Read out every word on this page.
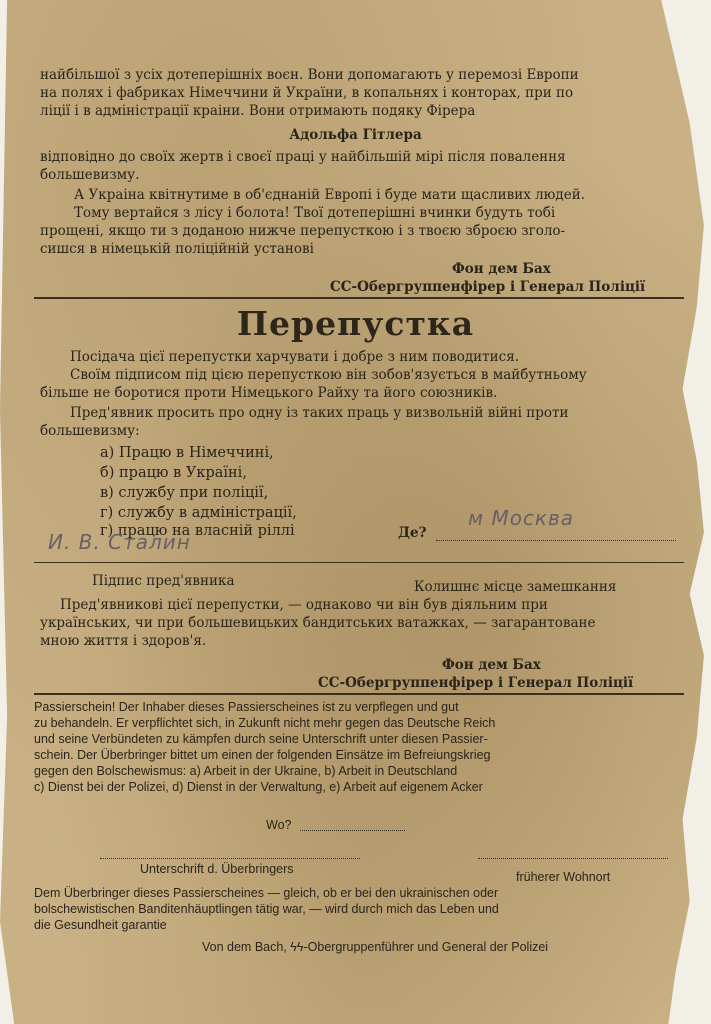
найбільшої з усіх дотеперішніх воєн. Вони допомагають у перемозі Европи
на полях і фабриках Німеччини й України, в копальнях і конторах, при по
ліції і в адміністрації краіни. Вони отримають подяку Фірера
Адольфа Гітлера
відповідно до своїх жертв і своєї праці у найбільшій мірі після повалення
большевизму.
А Украіна квітнутиме в об'єднаній Европі і буде мати щасливих людей.
Тому вертайся з лісу і болота! Твої дотеперішні вчинки будуть тобі
прощені, якщо ти з доданою нижче перепусткою і з твоєю зброєю зголо-
сишся в німецькій поліційній установі
Фон дем Бах
СС-Обергруппенфірер і Генерал Поліції
Перепустка
Посідача цієї перепустки харчувати і добре з ним поводитися.
Своїм підписом під цією перепусткою він зобов'язується в майбутньому
більше не боротися проти Німецького Райху та його союзників.
Пред'явник просить про одну із таких праць у визвольній війні проти
большевизму:
а) Працю в Німеччині,
б) працю в Україні,
в) службу при поліції,
г) службу в адміністрації,
г) працю на власній ріллі	Де?
м Москва
И. В. Сталин
Підпис пред'явника	Колишнє місце замешкання
Пред'явникові цієї перепустки, — однаково чи він був діяльним при
українських, чи при большевицьких бандитських ватажках, — загарантоване
мною життя і здоров'я.
Фон дем Бах
СС-Обергруппенфірер і Генерал Поліції
Passierschein! Der Inhaber dieses Passierscheines ist zu verpflegen und gut
zu behandeln. Er verpflichtet sich, in Zukunft nicht mehr gegen das Deutsche Reich
und seine Verbündeten zu kämpfen durch seine Unterschrift unter diesen Passier-
schein. Der Überbringer bittet um einen der folgenden Einsätze im Befreiungskrieg
gegen den Bolschewismus: a) Arbeit in der Ukraine, b) Arbeit in Deutschland
c) Dienst bei der Polizei, d) Dienst in der Verwaltung, e) Arbeit auf eigenem Acker
Wo?
Unterschrift d. Überbringers
früherer Wohnort
Dem Überbringer dieses Passierscheines — gleich, ob er bei den ukrainischen oder
bolschewistischen Banditenhäuptlingen tätig war, — wird durch mich das Leben und
die Gesundheit garantie
Von dem Bach, ϟϟ-Obergruppenführer und General der Polizei
